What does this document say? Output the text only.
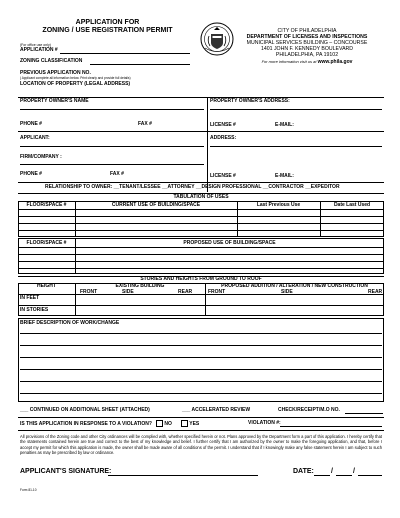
APPLICATION FOR
ZONING / USE REGISTRATION PERMIT
(For office use only)
APPLICATION #
ZONING CLASSIFICATION
PREVIOUS APPLICATION NO.
( Applicant complete all information below. Print clearly and provide full details)
LOCATION OF PROPERTY (LEGAL ADDRESS)
CITY OF PHILADELPHIA
DEPARTMENT OF LICENSES AND INSPECTIONS
MUNICIPAL SERVICES BUILDING – CONCOURSE
1401 JOHN F. KENNEDY BOULEVARD
PHILADELPHIA, PA 19102
For more information visit us at www.phila.gov
PROPERTY OWNER'S NAME	PROPERTY OWNER'S ADDRESS:
PHONE #	FAX #	LICENSE #	E-MAIL:
APPLICANT:	ADDRESS:
FIRM/COMPANY :
PHONE #	FAX #	LICENSE #	E-MAIL:
RELATIONSHIP TO OWNER: __TENANT/LESSEE __ATTORNEY __DESIGN PROFESSIONAL __CONTRACTOR __EXPEDITOR
TABULATION OF USES
FLOOR/SPACE #	CURRENT USE OF BUILDING/SPACE	Last Previous Use	Date Last Used
FLOOR/SPACE #	PROPOSED USE OF BUILDING/SPACE
STORIES AND HEIGHTS FROM GROUND TO ROOF
HEIGHT	EXISTING BUILDING	PROPOSED ADDITION / ALTERATION / NEW CONSTRUCTION
FRONT	SIDE	REAR	FRONT	SIDE	REAR
IN FEET
IN STORIES
BRIEF DESCRIPTION OF WORK/CHANGE
___ CONTINUED ON ADDITIONAL SHEET (ATTACHED)	___ ACCELERATED REVIEW	CHECK/RECEIPT/M.O NO.
IS THIS APPLICATION IN RESPONSE TO A VIOLATION? NO	YES	VIOLATION #:
All provisions of the Zoning code and other City ordinances will be complied with, whether specified herein or not. Plans approved by the Department form a part of this application. I hereby certify that the statements contained herein are true and correct to the best of my knowledge and belief. I further certify that I am authorized by the owner to make the foregoing application, and that, before I accept my permit for which this application is made, the owner shall be made aware of all conditions of the permit. I understand that if I knowingly make any false statement herein I am subject to such penalties as may be prescribed by law or ordinance.
APPLICANT'S SIGNATURE:	DATE: /	/
Form 81-10
